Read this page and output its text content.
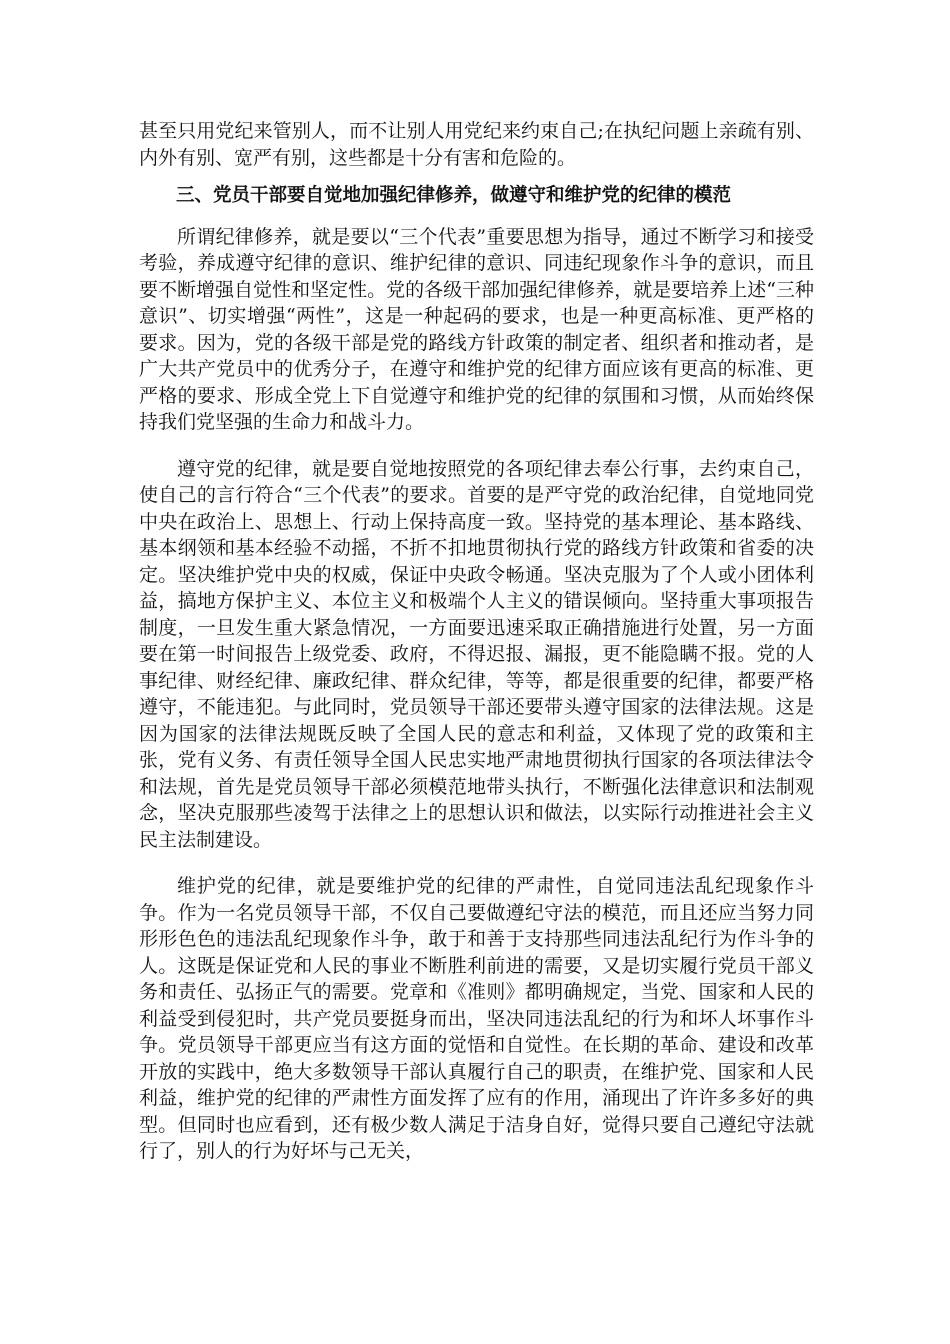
甚至只用党纪来管别人，而不让别人用党纪来约束自己;在执纪问题上亲疏有别、内外有别、宽严有别，这些都是十分有害和危险的。

三、党员干部要自觉地加强纪律修养，做遵守和维护党的纪律的模范

所谓纪律修养，就是要以“三个代表”重要思想为指导，通过不断学习和接受考验，养成遵守纪律的意识、维护纪律的意识、同违纪现象作斗争的意识，而且要不断增强自觉性和坚定性。党的各级干部加强纪律修养，就是要培养上述“三种意识”、切实增强“两性”，这是一种起码的要求，也是一种更高标准、更严格的要求。因为，党的各级干部是党的路线方针政策的制定者、组织者和推动者，是广大共产党员中的优秀分子，在遵守和维护党的纪律方面应该有更高的标准、更严格的要求、形成全党上下自觉遵守和维护党的纪律的氛围和习惯，从而始终保持我们党坚强的生命力和战斗力。

遵守党的纪律，就是要自觉地按照党的各项纪律去奉公行事，去约束自己，使自己的言行符合“三个代表”的要求。首要的是严守党的政治纪律，自觉地同党中央在政治上、思想上、行动上保持高度一致。坚持党的基本理论、基本路线、基本纲领和基本经验不动摇，不折不扣地贯彻执行党的路线方针政策和省委的决定。坚决维护党中央的权威，保证中央政令畅通。坚决克服为了个人或小团体利益，搞地方保护主义、本位主义和极端个人主义的错误倾向。坚持重大事项报告制度，一旦发生重大紧急情况，一方面要迅速采取正确措施进行处置，另一方面要在第一时间报告上级党委、政府，不得迟报、漏报，更不能隐瞒不报。党的人事纪律、财经纪律、廉政纪律、群众纪律，等等，都是很重要的纪律，都要严格遵守，不能违犯。与此同时，党员领导干部还要带头遵守国家的法律法规。这是因为国家的法律法规既反映了全国人民的意志和利益，又体现了党的政策和主张，党有义务、有责任领导全国人民忠实地严肃地贯彻执行国家的各项法律法令和法规，首先是党员领导干部必须模范地带头执行，不断强化法律意识和法制观念，坚决克服那些凌驾于法律之上的思想认识和做法，以实际行动推进社会主义民主法制建设。

维护党的纪律，就是要维护党的纪律的严肃性，自觉同违法乱纪现象作斗争。作为一名党员领导干部，不仅自己要做遵纪守法的模范，而且还应当努力同形形色色的违法乱纪现象作斗争，敢于和善于支持那些同违法乱纪行为作斗争的人。这既是保证党和人民的事业不断胜利前进的需要，又是切实履行党员干部义务和责任、弘扬正气的需要。党章和《准则》都明确规定，当党、国家和人民的利益受到侵犯时，共产党员要挺身而出，坚决同违法乱纪的行为和坏人坏事作斗争。党员领导干部更应当有这方面的觉悟和自觉性。在长期的革命、建设和改革开放的实践中，绝大多数领导干部认真履行自己的职责，在维护党、国家和人民利益，维护党的纪律的严肃性方面发挥了应有的作用，涌现出了许许多多好的典型。但同时也应看到，还有极少数人满足于洁身自好，觉得只要自己遵纪守法就行了，别人的行为好坏与己无关，
